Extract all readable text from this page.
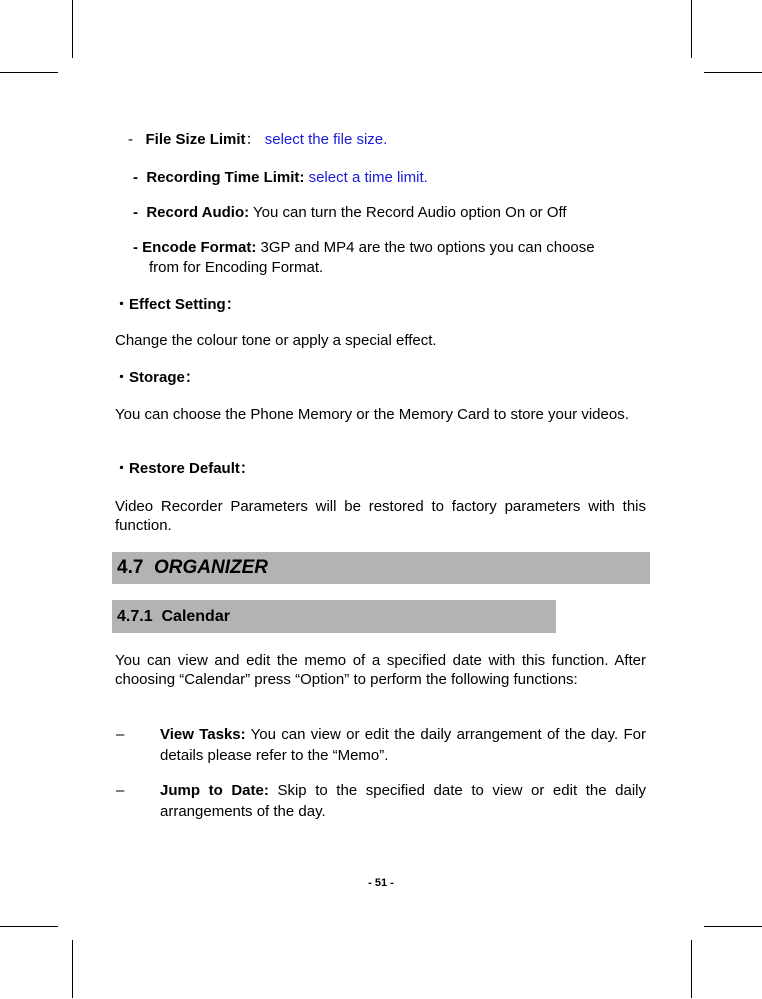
- File Size Limit： select the file size.
- Recording Time Limit: select a time limit.
- Record Audio: You can turn the Record Audio option On or Off
- Encode Format: 3GP and MP4 are the two options you can choose
from for Encoding Format.
・Effect Setting：
Change the colour tone or apply a special effect.
・Storage：
You can choose the Phone Memory or the Memory Card to store your videos.
・Restore Default：
Video Recorder Parameters will be restored to factory parameters with this function.
4.7 ORGANIZER
4.7.1 Calendar
You can view and edit the memo of a specified date with this function. After choosing “Calendar” press “Option” to perform the following functions:
– View Tasks: You can view or edit the daily arrangement of the day. For details please refer to the “Memo”.
– Jump to Date: Skip to the specified date to view or edit the daily arrangements of the day.
- 51 -
